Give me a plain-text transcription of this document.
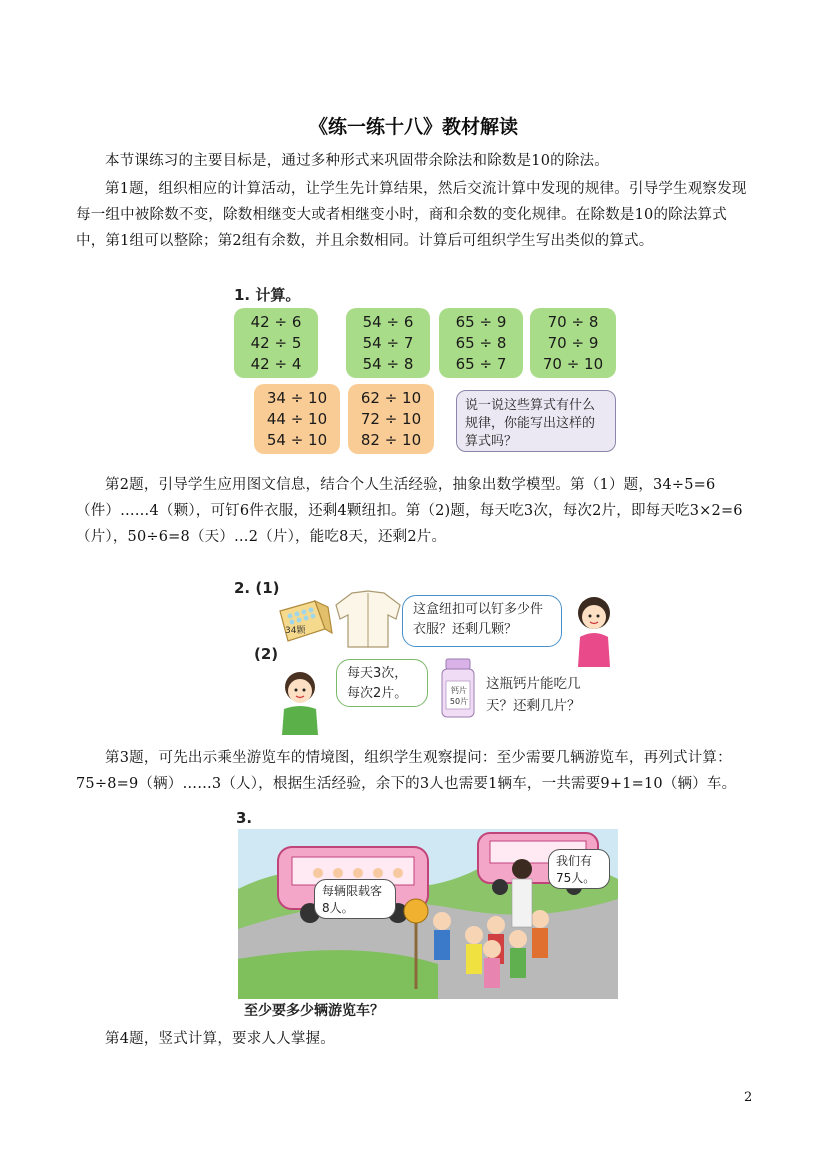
《练一练十八》教材解读

本节课练习的主要目标是，通过多种形式来巩固带余除法和除数是10的除法。

第1题，组织相应的计算活动，让学生先计算结果，然后交流计算中发现的规律。引导学生观察发现每一组中被除数不变，除数相继变大或者相继变小时，商和余数的变化规律。在除数是10的除法算式中，第1组可以整除；第2组有余数，并且余数相同。计算后可组织学生写出类似的算式。

1. 计算。
42 ÷ 6
42 ÷ 5
42 ÷ 4
54 ÷ 6
54 ÷ 7
54 ÷ 8
65 ÷ 9
65 ÷ 8
65 ÷ 7
70 ÷ 8
70 ÷ 9
70 ÷ 10
34 ÷ 10
44 ÷ 10
54 ÷ 10
62 ÷ 10
72 ÷ 10
82 ÷ 10
说一说这些算式有什么规律，你能写出这样的算式吗？

第2题，引导学生应用图文信息，结合个人生活经验，抽象出数学模型。第（1）题，34÷5=6（件）……4（颗），可钉6件衣服，还剩4颗纽扣。第（2)题，每天吃3次，每次2片，即每天吃3×2=6（片），50÷6=8（天）…2（片），能吃8天，还剩2片。

2. (1)
(2)
34颗
这盒纽扣可以钉多少件衣服？还剩几颗？
每天3次，每次2片。	钙片 50片
这瓶钙片能吃几天？还剩几片？

第3题，可先出示乘坐游览车的情境图，组织学生观察提问：至少需要几辆游览车，再列式计算：75÷8=9（辆）……3（人），根据生活经验，余下的3人也需要1辆车，一共需要9+1=10（辆）车。

3.
每辆限载客8人。
我们有75人。
至少要多少辆游览车？

第4题，竖式计算，要求人人掌握。

2
